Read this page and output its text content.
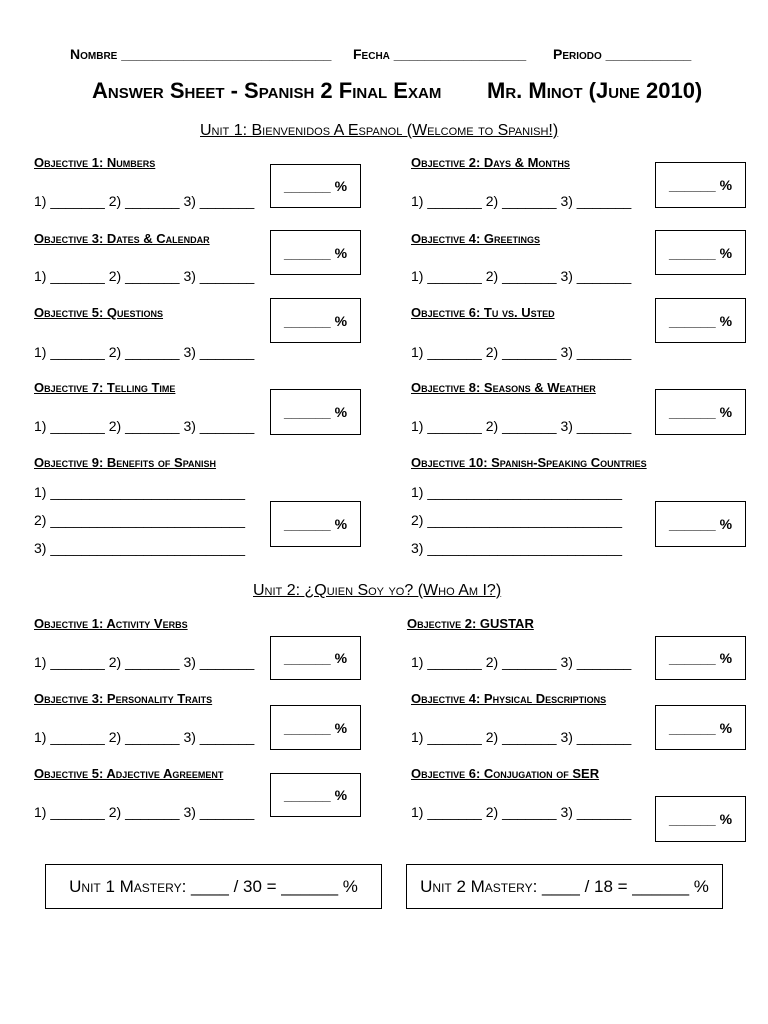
Nombre ___________________________ Fecha _________________ Periodo ___________
Answer Sheet - Spanish 2 Final Exam Mr. Minot (June 2010)
Unit 1: Bienvenidos A Espanol (Welcome to Spanish!)
Objective 1: Numbers
1) _______ 2) _______ 3) _______
______ %
Objective 2: Days & Months
1) _______ 2) _______ 3) _______
______ %
Objective 3: Dates & Calendar
1) _______ 2) _______ 3) _______
______ %
Objective 4: Greetings
1) _______ 2) _______ 3) _______
______ %
Objective 5: Questions
1) _______ 2) _______ 3) _______
______ %	Objective 6: Tu vs. Usted
1) _______ 2) _______ 3) _______
______ %
Objective 7: Telling Time
1) _______ 2) _______ 3) _______
______ %
Objective 8: Seasons & Weather
1) _______ 2) _______ 3) _______
______ %
Objective 9: Benefits of Spanish
1) _________________________
2) _________________________
3) _________________________
______ %
Objective 10: Spanish-Speaking Countries
1) _________________________
2) _________________________
3) _________________________
______ %
Unit 2: ¿Quien Soy yo? (Who Am I?)
Objective 1: Activity Verbs
1) _______ 2) _______ 3) _______ ______ %
Objective 2: GUSTAR
1) _______ 2) _______ 3) _______	______ %
Objective 3: Personality Traits
1) _______ 2) _______ 3) _______
______ %
Objective 4: Physical Descriptions
1) _______ 2) _______ 3) _______
______ %
Objective 5: Adjective Agreement
1) _______ 2) _______ 3) _______
______ %
Objective 6: Conjugation of SER
1) _______ 2) _______ 3) _______	______ %
Unit 1 Mastery: ____ / 30 = ______ %	Unit 2 Mastery: ____ / 18 = ______ %
